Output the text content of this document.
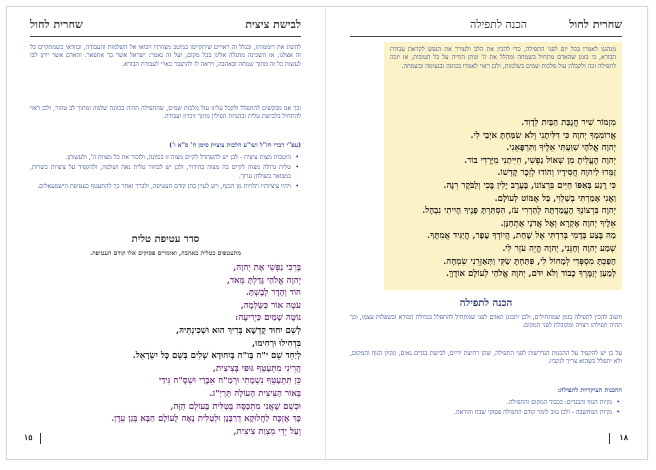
לבישת ציצית
שחרית לחול
להשיג את רוממותו, ובגלל זה ראויים שיתקיימו במיטב מצוותיו ויבואו אל השלמות והעבודה, ובוודאי כשמתקיים כל זה אצלנו, אז השכינה מתגלה אלינו בכל מקום, ועל זה נאמר: ישראל אשר בך אתפאר. והאדם אשר ייתן לבו לעשות כל זה מתוך שמחה ובאהבה, ויראה לו להתגבר כארי לעבודת הבורא.
וכך אנו מבקשים להתפלל ולקבל עלינו עול מלכות שמים, שהתפילה תהיה בכוונה שלמה ומתוך לב טהור, ולכן ראוי להתחיל בלבישת טלית ובהנחת תפילין מתוך זיכרון ועבודה.
(עפ"י דברי חז"ל ושו"ע הלכות ציצית סימן ח' ס"א ו')
• היטבות מצות ציצית - לכן יש להשתדל לקיים מצוה זו בכוונה, ולזכור את כל מצוות ה', ולעשותן.
• טלית גדולה מצוה לקיים בה מצוה בהידור, ולכן יש לבחור טלית נאה ושלמה, ולהקפיד על ציציות כשרות, כמבואר בשולחן ערוך.
• ויהיו ציציותיו תלויות מן הכנף, ויש לעיין בהן קודם העטיפה, ולברך ואחר כך להתעטף כעטיפת הישמעאלים.
סדר עטיפת טלית
מתעטפים בטלית באהבה, ואומרים פסוקים אלו קודם העטיפה.
בָּרְכִי נַפְשִׁי אֶת יְהוָה,
יְהוָה אֱלֹהַי גָּדַלְתָּ מְּאֹד,
הוֹד וְהָדָר לָבָשְׁתָּ.
עֹטֶה אוֹר כַּשַּׂלְמָה,
נוֹטֶה שָׁמַיִם כַּיְרִיעָה:
לְשֵׁם יִחוּד קֻדְשָׁא בְּרִיךְ הוּא וּשְׁכִינְתֵּיהּ,
בִּדְחִילוּ וּרְחִימוּ,
לְיַחֵד שֵׁם י"ה בְּו"ה בְּיִחוּדָא שְׁלִים בְּשֵׁם כָּל יִשְׂרָאֵל.
הֲרֵינִי מִתְעַטֵּף גּוּפִי בְּצִיצִית,
כֵּן תִּתְעַטֵּף נִשְׁמָתִי וּרְמַ"ח אֵבָרַי וּשְׁסָ"ה גִּידַי
בְּאוֹר הַצִּיצִית הָעוֹלָה תַּרְיַ"ג.
וּכְשֵׁם שֶׁאֲנִי מִתְכַּסֶּה בְּטַלִּית בָּעוֹלָם הַזֶּה,
כָּךְ אֶזְכֶּה לַחֲלוּקָא דְרַבָּנָן וּלְטַלִּית נָאָה לָעוֹלָם הַבָּא בְּגַן עֵדֶן.
וְעַל יְדֵי מִצְוַת צִיצִית,
١٥
שחרית לחול
הכנה לתפילה
מנהגנו לאמרו בכל יום לפני התפילה, כדי להכין את הלב ולעורר את הנפש לקראת עבודת הבורא, כי בזמן שהאדם מתחיל בשמחה ומהלל את ה' ונותן הודיה על כל הטובות, אז יזכה לתפילה זכה ולקבלת עול מלכות שמים בשלמות, ולכן ראוי לאמרו בכוונה ובנעימה ובשמחה.
מִזְמוֹר שִׁיר חֲנֻכַּת הַבַּיִת לְדָוִד.
אֲרוֹמִמְךָ יְהוָה כִּי דִלִּיתָנִי וְלֹא שִׂמַּחְתָּ אֹיְבַי לִי.
יְהוָה אֱלֹהָי שִׁוַּעְתִּי אֵלֶיךָ וַתִּרְפָּאֵנִי.
יְהוָה הֶעֱלִיתָ מִן שְׁאוֹל נַפְשִׁי, חִיִּיתַנִי מִיָּרְדִי בוֹר.
זַמְּרוּ לַיהוָה חֲסִידָיו וְהוֹדוּ לְזֵכֶר קָדְשׁוֹ.
כִּי רֶגַע בְּאַפּוֹ חַיִּים בִּרְצוֹנוֹ, בָּעֶרֶב יָלִין בֶּכִי וְלַבֹּקֶר רִנָּה.
וַאֲנִי אָמַרְתִּי בְשַׁלְוִי, בַּל אֶמּוֹט לְעוֹלָם.
יְהוָה בִּרְצוֹנְךָ הֶעֱמַדְתָּה לְהַרְרִי עֹז, הִסְתַּרְתָּ פָנֶיךָ הָיִיתִי נִבְהָל.
אֵלֶיךָ יְהוָה אֶקְרָא וְאֶל אֲדֹנָי אֶתְחַנָּן.
מַה בֶּצַע בְּדָמִי בְּרִדְתִּי אֶל שָׁחַת, הֲיוֹדְךָ עָפָר, הֲיַגִּיד אֲמִתֶּךָ.
שְׁמַע יְהוָה וְחָנֵּנִי, יְהוָה הֱיֵה עֹזֵר לִי.
הָפַכְתָּ מִסְפְּדִי לְמָחוֹל לִי, פִּתַּחְתָּ שַׂקִּי וַתְּאַזְּרֵנִי שִׂמְחָה.
לְמַעַן יְזַמֶּרְךָ כָבוֹד וְלֹא יִדֹּם, יְהוָה אֱלֹהַי לְעוֹלָם אוֹדֶךָּ.
הכנה לתפילה
חשוב להכין לתפילה בזמן שמתחילים, ולכן יתבונן האדם לפני שמתחיל להתפלל בגדולת הבורא ובשפלות עצמו, וכך תהיה תפילתו רצויה ומקובלת לפני המקום.
על כן יש להקפיד על ההכנות הנדרשות לפני התפילה, שהן רחיצת ידיים, לבישת בגדים נאים, ונקיון הגוף והמקום, ולא יתפלל כשהוא צריך לנקביו.
ההכנות העיקריות לתפילה:
• נקיות הגוף והבגדים: בכבוד המקום והתפילה.
• נקיות המחשבה - ולכן טוב לומר קודם התפילה פסוקי שבח והודאה.
١٨
